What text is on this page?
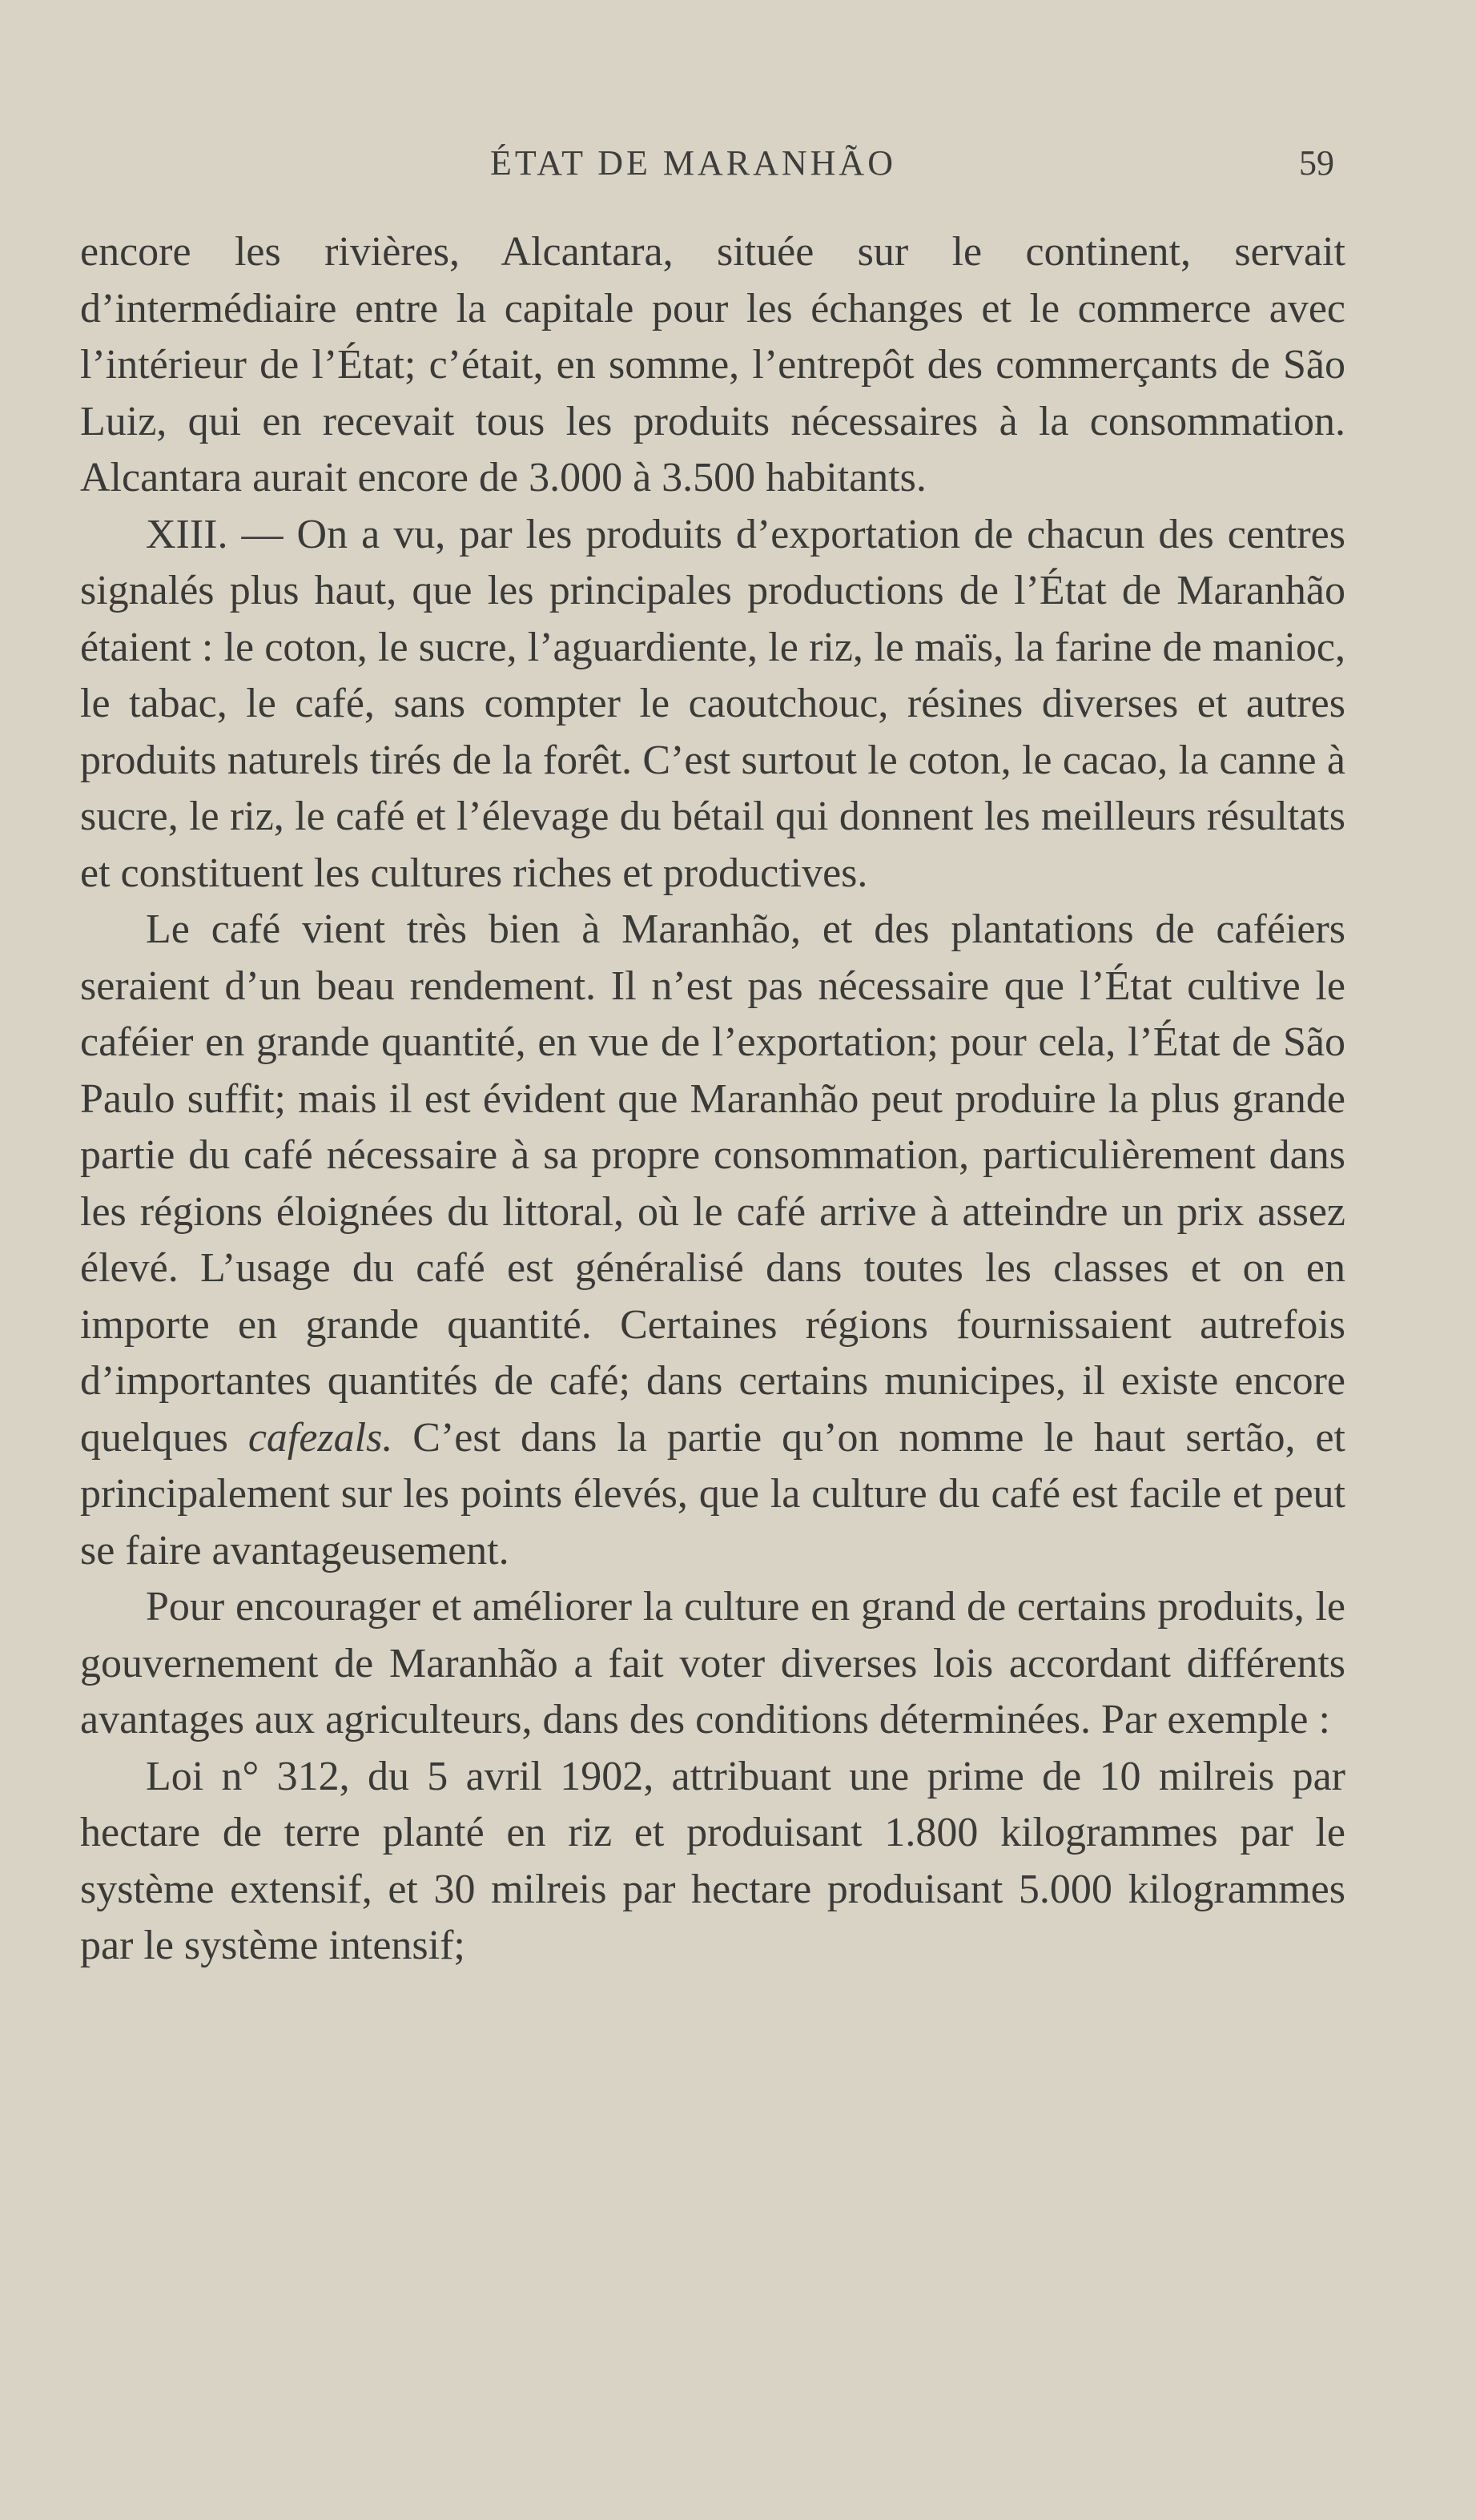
ÉTAT DE MARANHÃO	59

encore les rivières, Alcantara, située sur le continent, servait d’intermédiaire entre la capitale pour les échanges et le commerce avec l’intérieur de l’État; c’était, en somme, l’entrepôt des commerçants de São Luiz, qui en recevait tous les produits nécessaires à la consommation. Alcantara aurait encore de 3.000 à 3.500 habitants.

XIII. — On a vu, par les produits d’exportation de chacun des centres signalés plus haut, que les principales productions de l’État de Maranhão étaient : le coton, le sucre, l’aguardiente, le riz, le maïs, la farine de manioc, le tabac, le café, sans compter le caoutchouc, résines diverses et autres produits naturels tirés de la forêt. C’est surtout le coton, le cacao, la canne à sucre, le riz, le café et l’élevage du bétail qui donnent les meilleurs résultats et constituent les cultures riches et productives.

Le café vient très bien à Maranhão, et des plantations de caféiers seraient d’un beau rendement. Il n’est pas nécessaire que l’État cultive le caféier en grande quantité, en vue de l’exportation; pour cela, l’État de São Paulo suffit; mais il est évident que Maranhão peut produire la plus grande partie du café nécessaire à sa propre consommation, particulièrement dans les régions éloignées du littoral, où le café arrive à atteindre un prix assez élevé. L’usage du café est généralisé dans toutes les classes et on en importe en grande quantité. Certaines régions fournissaient autrefois d’importantes quantités de café; dans certains municipes, il existe encore quelques cafezals. C’est dans la partie qu’on nomme le haut sertão, et principalement sur les points élevés, que la culture du café est facile et peut se faire avantageusement.

Pour encourager et améliorer la culture en grand de certains produits, le gouvernement de Maranhão a fait voter diverses lois accordant différents avantages aux agriculteurs, dans des conditions déterminées. Par exemple :

Loi n° 312, du 5 avril 1902, attribuant une prime de 10 milreis par hectare de terre planté en riz et produisant 1.800 kilogrammes par le système extensif, et 30 milreis par hectare produisant 5.000 kilogrammes par le système intensif;
